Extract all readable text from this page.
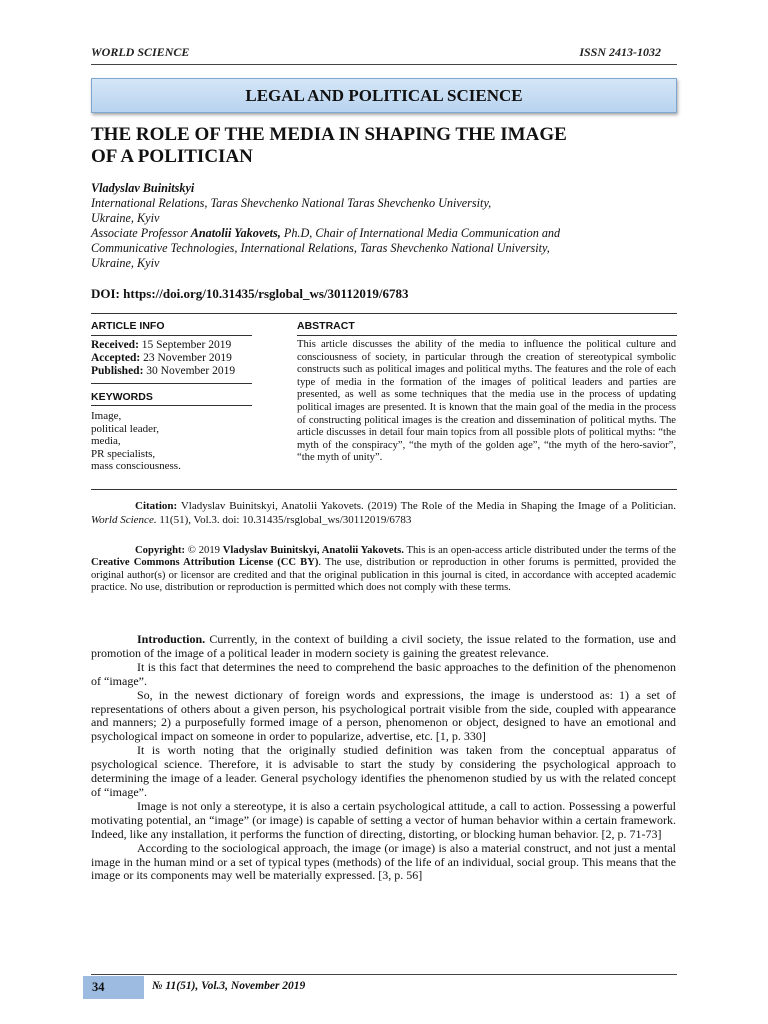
WORLD SCIENCE	ISSN 2413-1032
LEGAL AND POLITICAL SCIENCE
THE ROLE OF THE MEDIA IN SHAPING THE IMAGE
OF A POLITICIAN
Vladyslav Buinitskyi
International Relations, Taras Shevchenko National Taras Shevchenko University,
Ukraine, Kyiv
Associate Professor Anatolii Yakovets, Ph.D, Chair of International Media Communication and
Communicative Technologies, International Relations, Taras Shevchenko National University,
Ukraine, Kyiv
DOI: https://doi.org/10.31435/rsglobal_ws/30112019/6783
ARTICLE INFO	ABSTRACT
Received: 15 September 2019
Accepted: 23 November 2019
Published: 30 November 2019
KEYWORDS
Image,
political leader,
media,
PR specialists,
mass consciousness.
This article discusses the ability of the media to influence the political culture and consciousness of society, in particular through the creation of stereotypical symbolic constructs such as political images and political myths. The features and the role of each type of media in the formation of the images of political leaders and parties are presented, as well as some techniques that the media use in the process of updating political images are presented. It is known that the main goal of the media in the process of constructing political images is the creation and dissemination of political myths. The article discusses in detail four main topics from all possible plots of political myths: “the myth of the conspiracy”, “the myth of the golden age”, “the myth of the hero-savior”, “the myth of unity”.
Citation: Vladyslav Buinitskyi, Anatolii Yakovets. (2019) The Role of the Media in Shaping the Image of a Politician. World Science. 11(51), Vol.3. doi: 10.31435/rsglobal_ws/30112019/6783
Copyright: © 2019 Vladyslav Buinitskyi, Anatolii Yakovets. This is an open-access article distributed under the terms of the Creative Commons Attribution License (CC BY). The use, distribution or reproduction in other forums is permitted, provided the original author(s) or licensor are credited and that the original publication in this journal is cited, in accordance with accepted academic practice. No use, distribution or reproduction is permitted which does not comply with these terms.

Introduction. Currently, in the context of building a civil society, the issue related to the formation, use and promotion of the image of a political leader in modern society is gaining the greatest relevance.

It is this fact that determines the need to comprehend the basic approaches to the definition of the phenomenon of “image”.

So, in the newest dictionary of foreign words and expressions, the image is understood as: 1) a set of representations of others about a given person, his psychological portrait visible from the side, coupled with appearance and manners; 2) a purposefully formed image of a person, phenomenon or object, designed to have an emotional and psychological impact on someone in order to popularize, advertise, etc. [1, p. 330]

It is worth noting that the originally studied definition was taken from the conceptual apparatus of psychological science. Therefore, it is advisable to start the study by considering the psychological approach to determining the image of a leader. General psychology identifies the phenomenon studied by us with the related concept of “image”.

Image is not only a stereotype, it is also a certain psychological attitude, a call to action. Possessing a powerful motivating potential, an “image” (or image) is capable of setting a vector of human behavior within a certain framework. Indeed, like any installation, it performs the function of directing, distorting, or blocking human behavior. [2, p. 71-73]

According to the sociological approach, the image (or image) is also a material construct, and not just a mental image in the human mind or a set of typical types (methods) of the life of an individual, social group. This means that the image or its components may well be materially expressed. [3, p. 56]

34	№ 11(51), Vol.3, November 2019
